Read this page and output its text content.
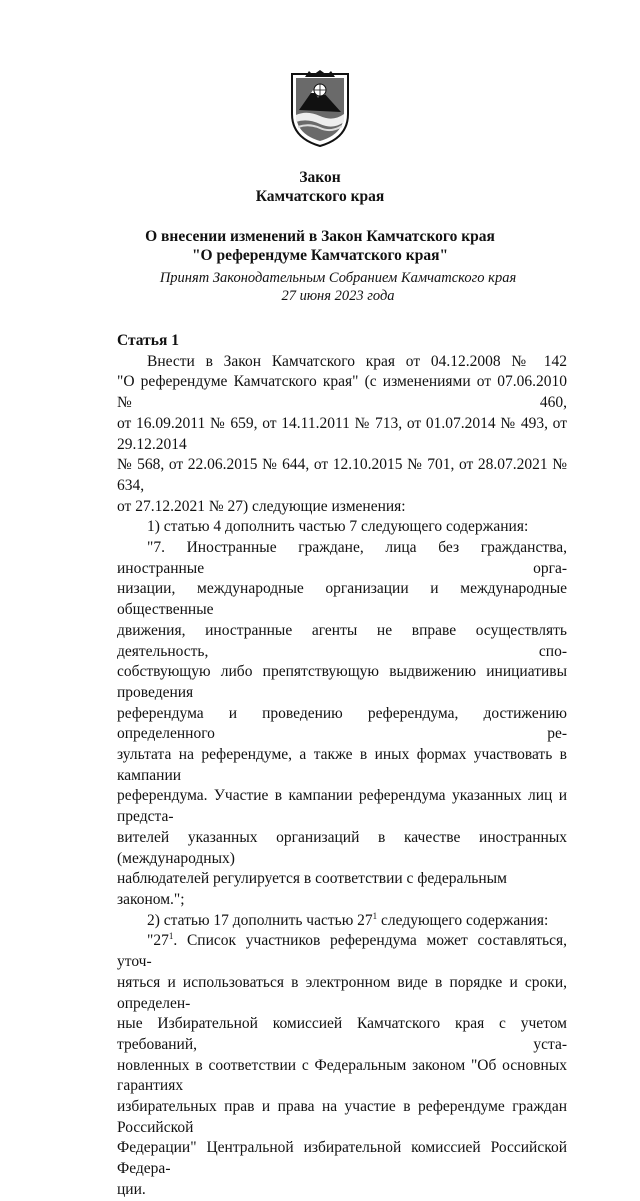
Закон
Камчатского края
О внесении изменений в Закон Камчатского края
"О референдуме Камчатского края"
Принят Законодательным Собранием Камчатского края
27 июня 2023 года

Статья 1

Внести в Закон Камчатского края от 04.12.2008 № 142

"О референдуме Камчатского края" (с изменениями от 07.06.2010 № 460,

от 16.09.2011 № 659, от 14.11.2011 № 713, от 01.07.2014 № 493, от 29.12.2014

№ 568, от 22.06.2015 № 644, от 12.10.2015 № 701, от 28.07.2021 № 634,

от 27.12.2021 № 27) следующие изменения:

1) статью 4 дополнить частью 7 следующего содержания:

"7. Иностранные граждане, лица без гражданства, иностранные орга-

низации, международные организации и международные общественные

движения, иностранные агенты не вправе осуществлять деятельность, спо-

собствующую либо препятствующую выдвижению инициативы проведения

референдума и проведению референдума, достижению определенного ре-

зультата на референдуме, а также в иных формах участвовать в кампании

референдума. Участие в кампании референдума указанных лиц и предста-

вителей указанных организаций в качестве иностранных (международных)

наблюдателей регулируется в соответствии с федеральным законом.";

2) статью 17 дополнить частью $27^1$ следующего содержания:

"$27^1$. Список участников референдума может составляться, уточ-

няться и использоваться в электронном виде в порядке и сроки, определен-

ные Избирательной комиссией Камчатского края с учетом требований, уста-

новленных в соответствии с Федеральным законом "Об основных гарантиях

избирательных прав и права на участие в референдуме граждан Российской

Федерации" Центральной избирательной комиссией Российской Федера-

ции.
